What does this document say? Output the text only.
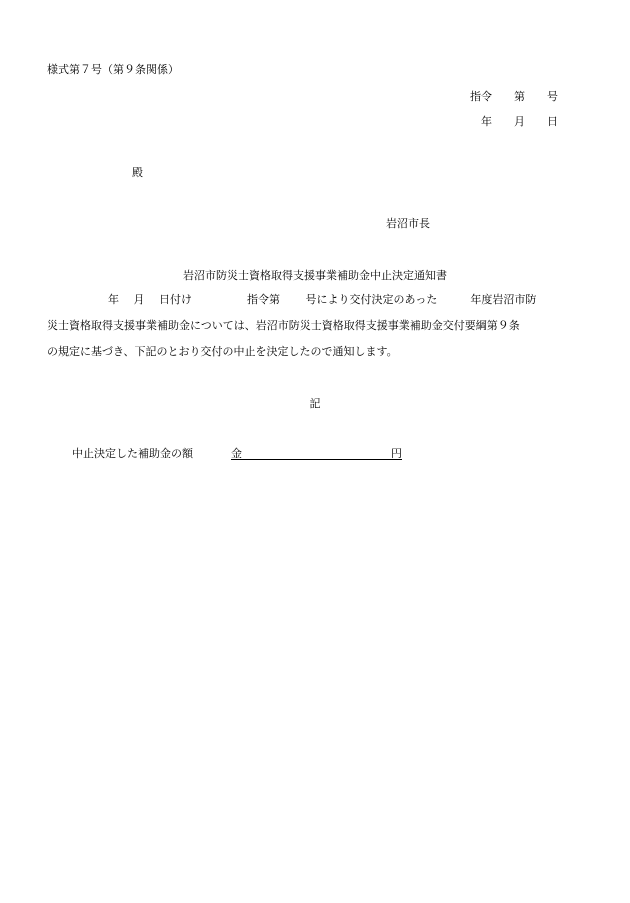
様式第７号（第９条関係）
指令　　第　　号
年　　月　　日
殿
岩沼市長
岩沼市防災士資格取得支援事業補助金中止決定通知書
年　 月　 日付け　　　　　指令第　　 号により交付決定のあった　　　年度岩沼市防
災士資格取得支援事業補助金については、岩沼市防災士資格取得支援事業補助金交付要綱第９条
の規定に基づき、下記のとおり交付の中止を決定したので通知します。
記
中止決定した補助金の額	金	円
